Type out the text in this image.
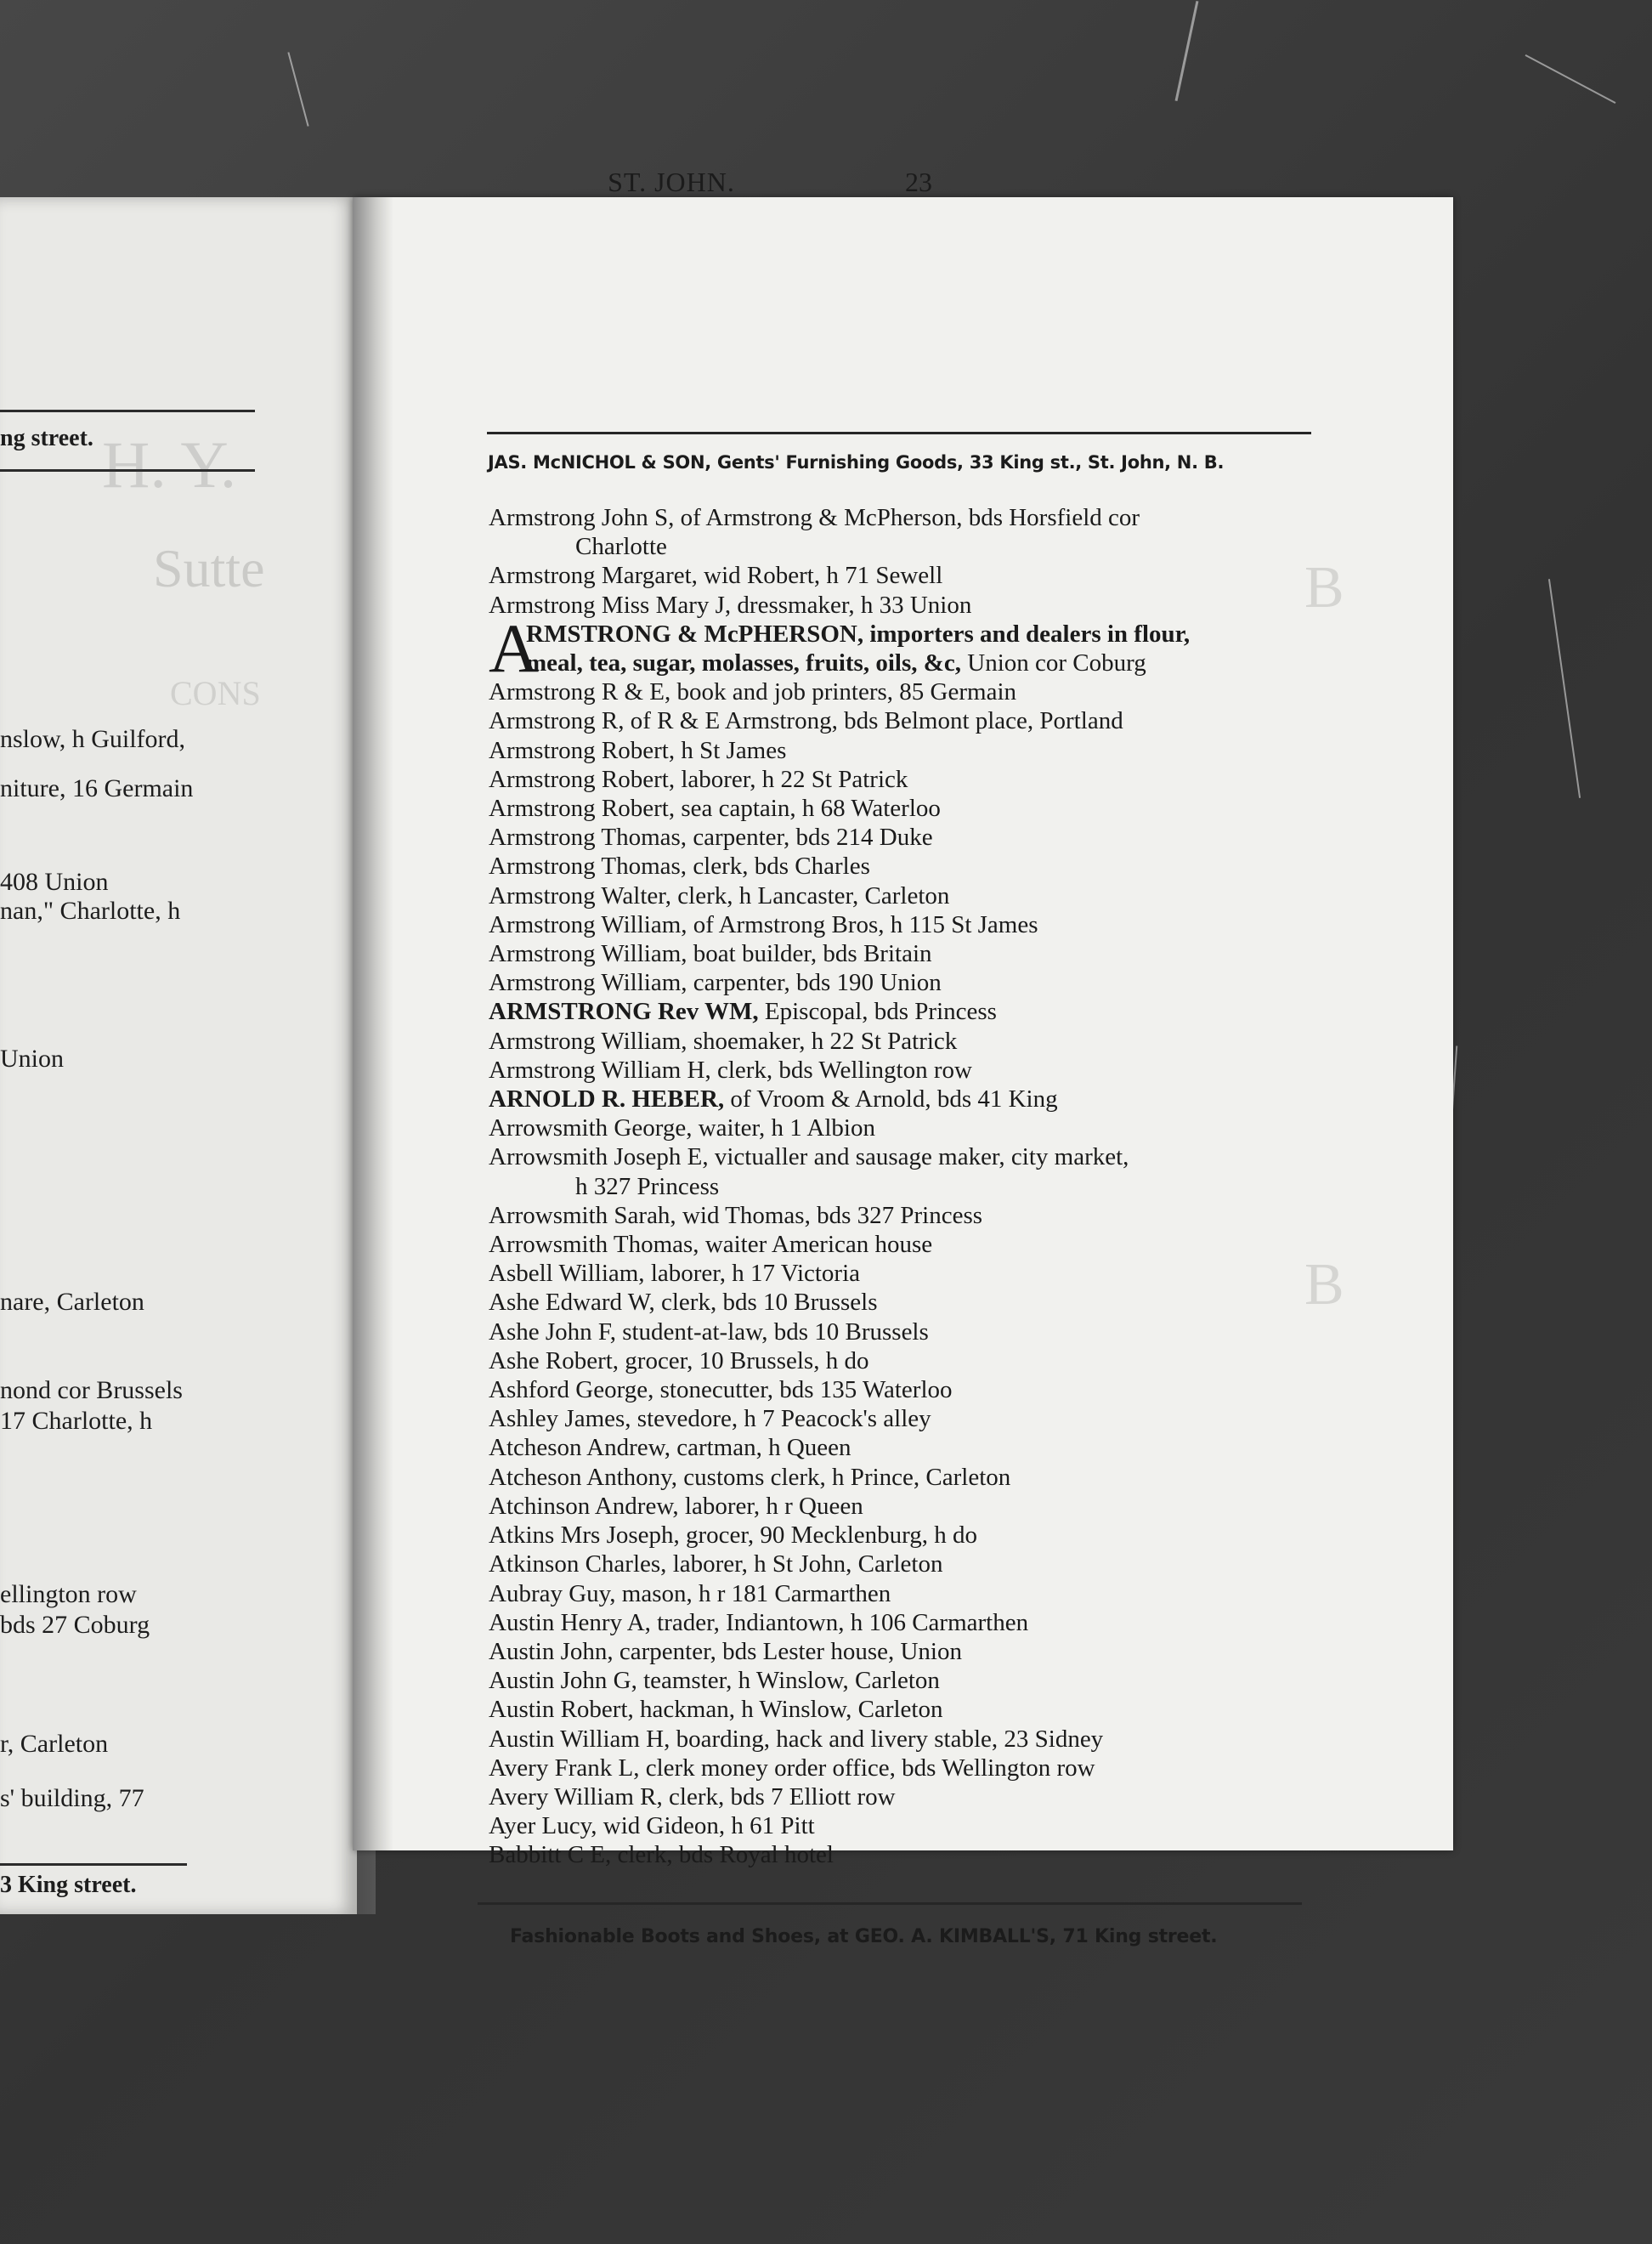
H. Y.
Sutte
CONS
ng street.
nslow, h Guilford,
niture, 16 Germain
408 Union
nan," Charlotte, h
Union
nare, Carleton
nond cor Brussels
17 Charlotte, h
ellington row
bds 27 Coburg
r, Carleton
s' building, 77
3 King street.
B
B
ST. JOHN.	23
JAS. McNICHOL & SON, Gents' Furnishing Goods, 33 King st., St. John, N. B.

Armstrong John S, of Armstrong & McPherson, bds Horsfield cor

Charlotte

Armstrong Margaret, wid Robert, h 71 Sewell

Armstrong Miss Mary J, dressmaker, h 33 Union

A
RMSTRONG & McPHERSON, importers and dealers in flour,
meal, tea, sugar, molasses, fruits, oils, &c, Union cor Coburg

Armstrong R & E, book and job printers, 85 Germain

Armstrong R, of R & E Armstrong, bds Belmont place, Portland

Armstrong Robert, h St James

Armstrong Robert, laborer, h 22 St Patrick

Armstrong Robert, sea captain, h 68 Waterloo

Armstrong Thomas, carpenter, bds 214 Duke

Armstrong Thomas, clerk, bds Charles

Armstrong Walter, clerk, h Lancaster, Carleton

Armstrong William, of Armstrong Bros, h 115 St James

Armstrong William, boat builder, bds Britain

Armstrong William, carpenter, bds 190 Union

ARMSTRONG Rev WM, Episcopal, bds Princess

Armstrong William, shoemaker, h 22 St Patrick

Armstrong William H, clerk, bds Wellington row

ARNOLD R. HEBER, of Vroom & Arnold, bds 41 King

Arrowsmith George, waiter, h 1 Albion

Arrowsmith Joseph E, victualler and sausage maker, city market,

h 327 Princess

Arrowsmith Sarah, wid Thomas, bds 327 Princess

Arrowsmith Thomas, waiter American house

Asbell William, laborer, h 17 Victoria

Ashe Edward W, clerk, bds 10 Brussels

Ashe John F, student-at-law, bds 10 Brussels

Ashe Robert, grocer, 10 Brussels, h do

Ashford George, stonecutter, bds 135 Waterloo

Ashley James, stevedore, h 7 Peacock's alley

Atcheson Andrew, cartman, h Queen

Atcheson Anthony, customs clerk, h Prince, Carleton

Atchinson Andrew, laborer, h r Queen

Atkins Mrs Joseph, grocer, 90 Mecklenburg, h do

Atkinson Charles, laborer, h St John, Carleton

Aubray Guy, mason, h r 181 Carmarthen

Austin Henry A, trader, Indiantown, h 106 Carmarthen

Austin John, carpenter, bds Lester house, Union

Austin John G, teamster, h Winslow, Carleton

Austin Robert, hackman, h Winslow, Carleton

Austin William H, boarding, hack and livery stable, 23 Sidney

Avery Frank L, clerk money order office, bds Wellington row

Avery William R, clerk, bds 7 Elliott row

Ayer Lucy, wid Gideon, h 61 Pitt

Babbitt C E, clerk, bds Royal hotel

Fashionable Boots and Shoes, at GEO. A. KIMBALL'S, 71 King street.
